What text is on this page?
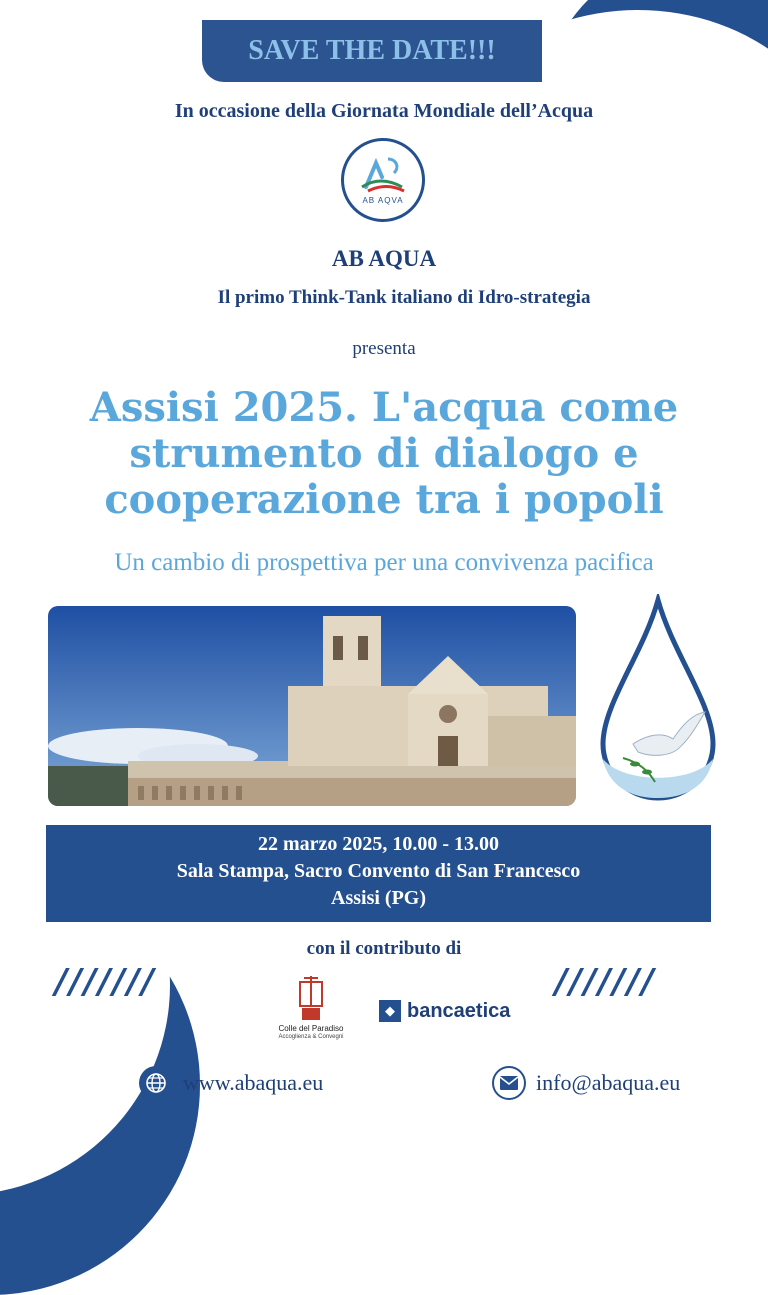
SAVE THE DATE!!!
In occasione della Giornata Mondiale dell’Acqua
AB AQVA
AB AQUA
Il primo Think-Tank italiano di Idro-strategia
presenta
Assisi 2025. L'acqua come
strumento di dialogo e
cooperazione tra i popoli
Un cambio di prospettiva per una convivenza pacifica
22 marzo 2025, 10.00 - 13.00
Sala Stampa, Sacro Convento di San Francesco
Assisi (PG)
con il contributo di
///////	///////
Colle del Paradiso
Accoglienza & Convegni
◆ bancaetica
www.abaqua.eu	info@abaqua.eu
